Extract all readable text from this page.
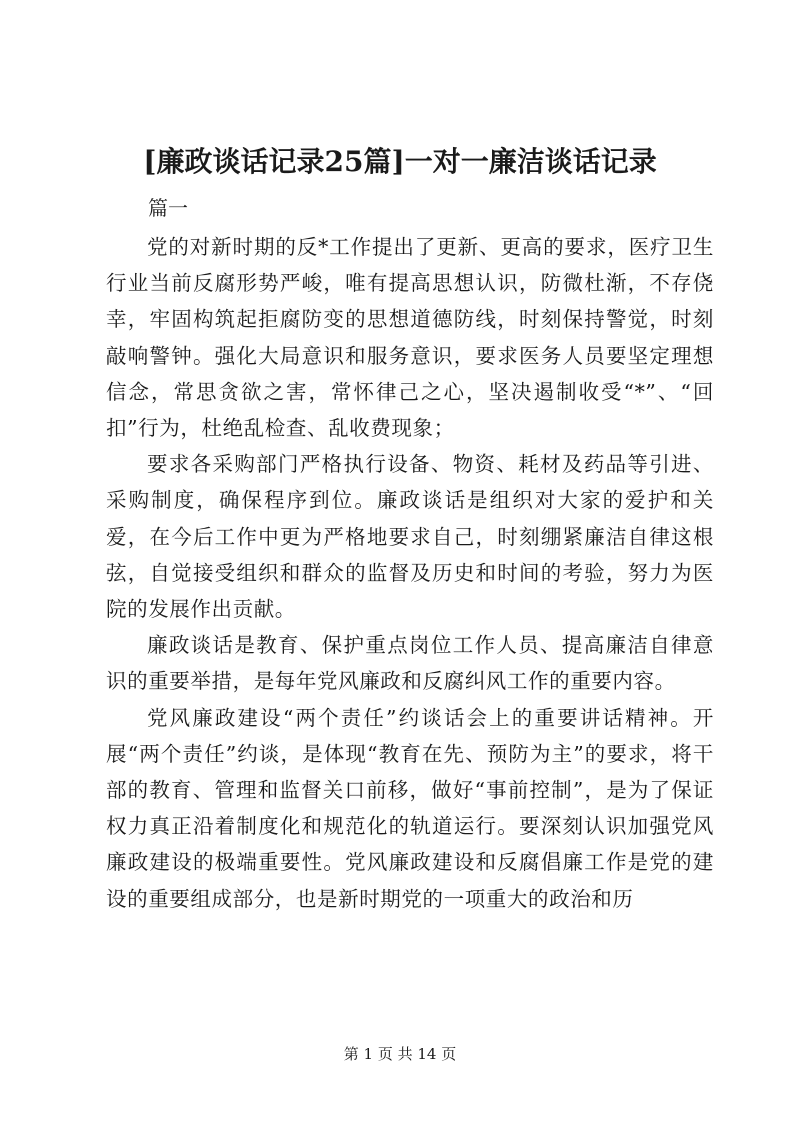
[廉政谈话记录25篇]一对一廉洁谈话记录
篇一

党的对新时期的反*工作提出了更新、更高的要求，医疗卫生行业当前反腐形势严峻，唯有提高思想认识，防微杜渐，不存侥幸，牢固构筑起拒腐防变的思想道德防线，时刻保持警觉，时刻敲响警钟。强化大局意识和服务意识，要求医务人员要坚定理想信念，常思贪欲之害，常怀律己之心，坚决遏制收受“*”、“回扣”行为，杜绝乱检查、乱收费现象；

要求各采购部门严格执行设备、物资、耗材及药品等引进、采购制度，确保程序到位。廉政谈话是组织对大家的爱护和关爱，在今后工作中更为严格地要求自己，时刻绷紧廉洁自律这根弦，自觉接受组织和群众的监督及历史和时间的考验，努力为医院的发展作出贡献。

廉政谈话是教育、保护重点岗位工作人员、提高廉洁自律意识的重要举措，是每年党风廉政和反腐纠风工作的重要内容。

党风廉政建设“两个责任”约谈话会上的重要讲话精神。开展“两个责任”约谈，是体现“教育在先、预防为主”的要求，将干部的教育、管理和监督关口前移，做好“事前控制”，是为了保证权力真正沿着制度化和规范化的轨道运行。要深刻认识加强党风廉政建设的极端重要性。党风廉政建设和反腐倡廉工作是党的建设的重要组成部分，也是新时期党的一项重大的政治和历

第 1 页 共 14 页
